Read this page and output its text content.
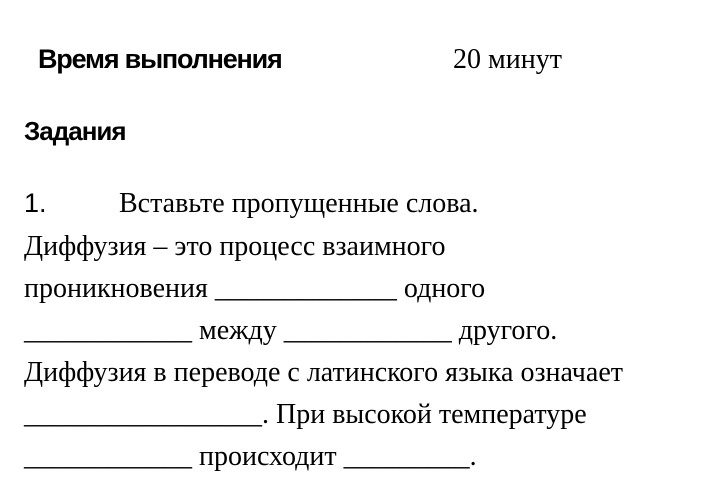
Время выполнения	20 минут
Задания
1.	Вставьте пропущенные слова.
Диффузия – это процесс взаимного
проникновения _____________ одного
____________ между ____________ другого.
Диффузия в переводе с латинского языка означает
_________________. При высокой температуре
____________ происходит _________.
